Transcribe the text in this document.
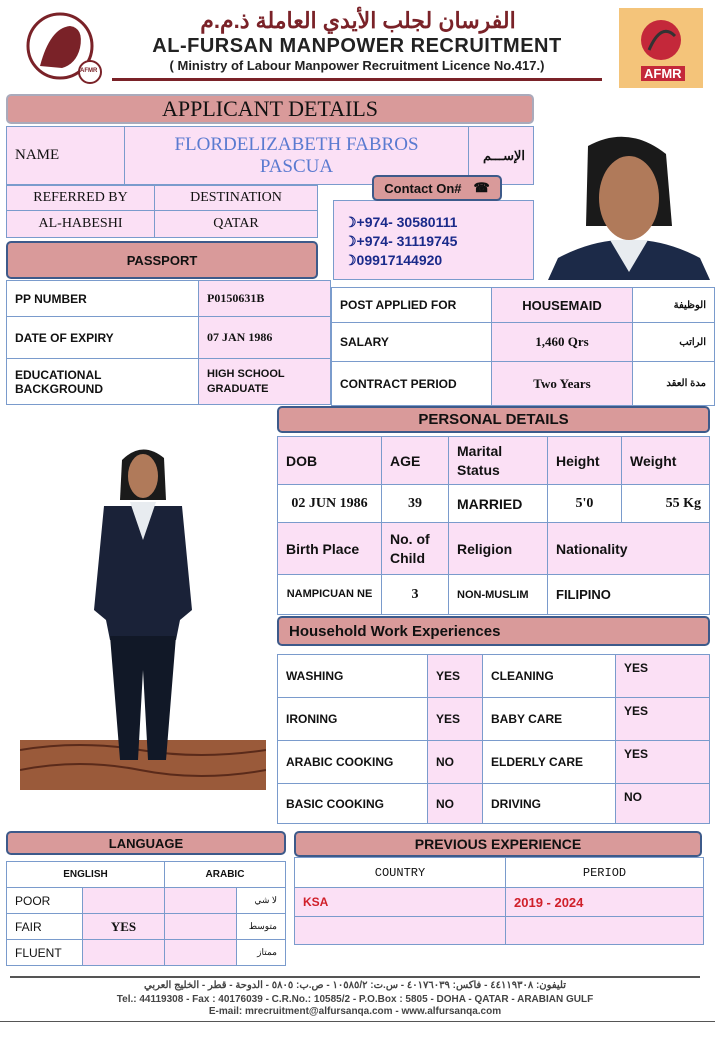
AFMR
الفرسان لجلب الأيدي العاملة ذ.م.م
AL-FURSAN MANPOWER RECRUITMENT
( Ministry of Labour Manpower Recruitment Licence No.417.)
AFMR
APPLICANT DETAILS
NAME	FLORDELIZABETH FABROS PASCUA	الإســـم
REFERRED BY	DESTINATION
AL-HABESHI	QATAR	☽+974- 30580111
☽+974- 31119745
☽09917144920
Contact On# ☎
PASSPORT
PP NUMBER	P0150631B
DATE OF EXPIRY	07 JAN 1986
EDUCATIONAL BACKGROUND	HIGH SCHOOL GRADUATE
POST APPLIED FOR	HOUSEMAID	الوظيفة
SALARY	1,460 Qrs	الراتب
CONTRACT PERIOD	Two Years	مدة العقد
PERSONAL DETAILS
DOB	AGE	Marital Status	Height	Weight
02 JUN 1986	39	MARRIED	5'0	55 Kg
Birth Place	No. of Child	Religion	Nationality	
NAMPICUAN NE	3	NON-MUSLIM	FILIPINO	
Household Work Experiences
WASHING	YES	CLEANING	YES
IRONING	YES	BABY CARE	YES
ARABIC COOKING	NO	ELDERLY CARE	YES
BASIC COOKING	NO	DRIVING	NO
LANGUAGE
ENGLISH		ARABIC	
POOR			لا شي
FAIR	YES		متوسط
FLUENT			ممتاز
PREVIOUS EXPERIENCE
COUNTRY	PERIOD
KSA	2019 - 2024

تليفون: ٤٤١١٩٣٠٨ - فاكس: ٤٠١٧٦٠٣٩ - س.ت: ١٠٥٨٥/٢ - ص.ب: ٥٨٠٥ - الدوحة - قطر - الخليج العربي
Tel.: 44119308 - Fax : 40176039 - C.R.No.: 10585/2 - P.O.Box : 5805 - DOHA - QATAR - ARABIAN GULF
E-mail: mrecruitment@alfursanqa.com - www.alfursanqa.com
